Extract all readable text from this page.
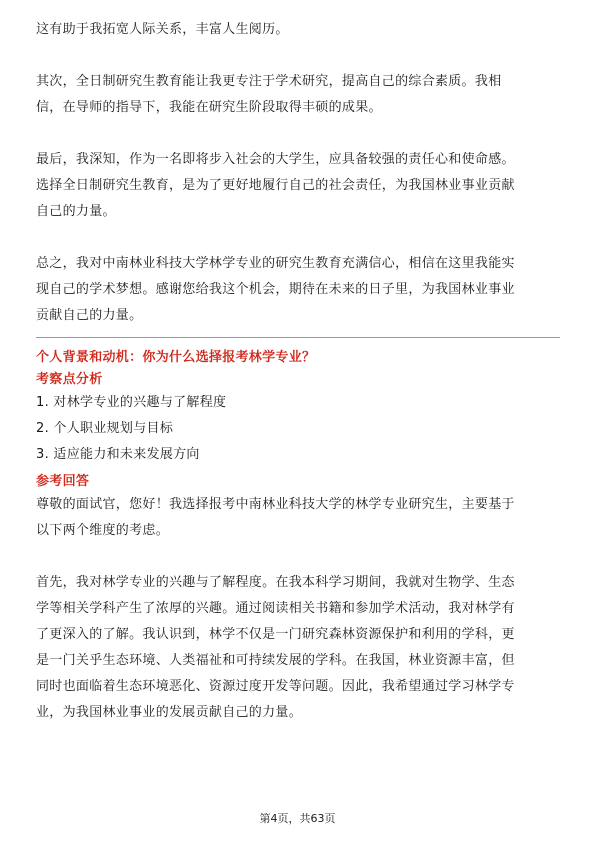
这有助于我拓宽人际关系，丰富人生阅历。

其次，全日制研究生教育能让我更专注于学术研究，提高自己的综合素质。我相
信，在导师的指导下，我能在研究生阶段取得丰硕的成果。

最后，我深知，作为一名即将步入社会的大学生，应具备较强的责任心和使命感。
选择全日制研究生教育，是为了更好地履行自己的社会责任，为我国林业事业贡献
自己的力量。

总之，我对中南林业科技大学林学专业的研究生教育充满信心，相信在这里我能实
现自己的学术梦想。感谢您给我这个机会，期待在未来的日子里，为我国林业事业
贡献自己的力量。

个人背景和动机：你为什么选择报考林学专业？
考察点分析
1. 对林学专业的兴趣与了解程度
2. 个人职业规划与目标
3. 适应能力和未来发展方向
参考回答

尊敬的面试官，您好！我选择报考中南林业科技大学的林学专业研究生，主要基于
以下两个维度的考虑。

首先，我对林学专业的兴趣与了解程度。在我本科学习期间，我就对生物学、生态
学等相关学科产生了浓厚的兴趣。通过阅读相关书籍和参加学术活动，我对林学有
了更深入的了解。我认识到，林学不仅是一门研究森林资源保护和利用的学科，更
是一门关乎生态环境、人类福祉和可持续发展的学科。在我国，林业资源丰富，但
同时也面临着生态环境恶化、资源过度开发等问题。因此，我希望通过学习林学专
业，为我国林业事业的发展贡献自己的力量。

第4页，共63页
